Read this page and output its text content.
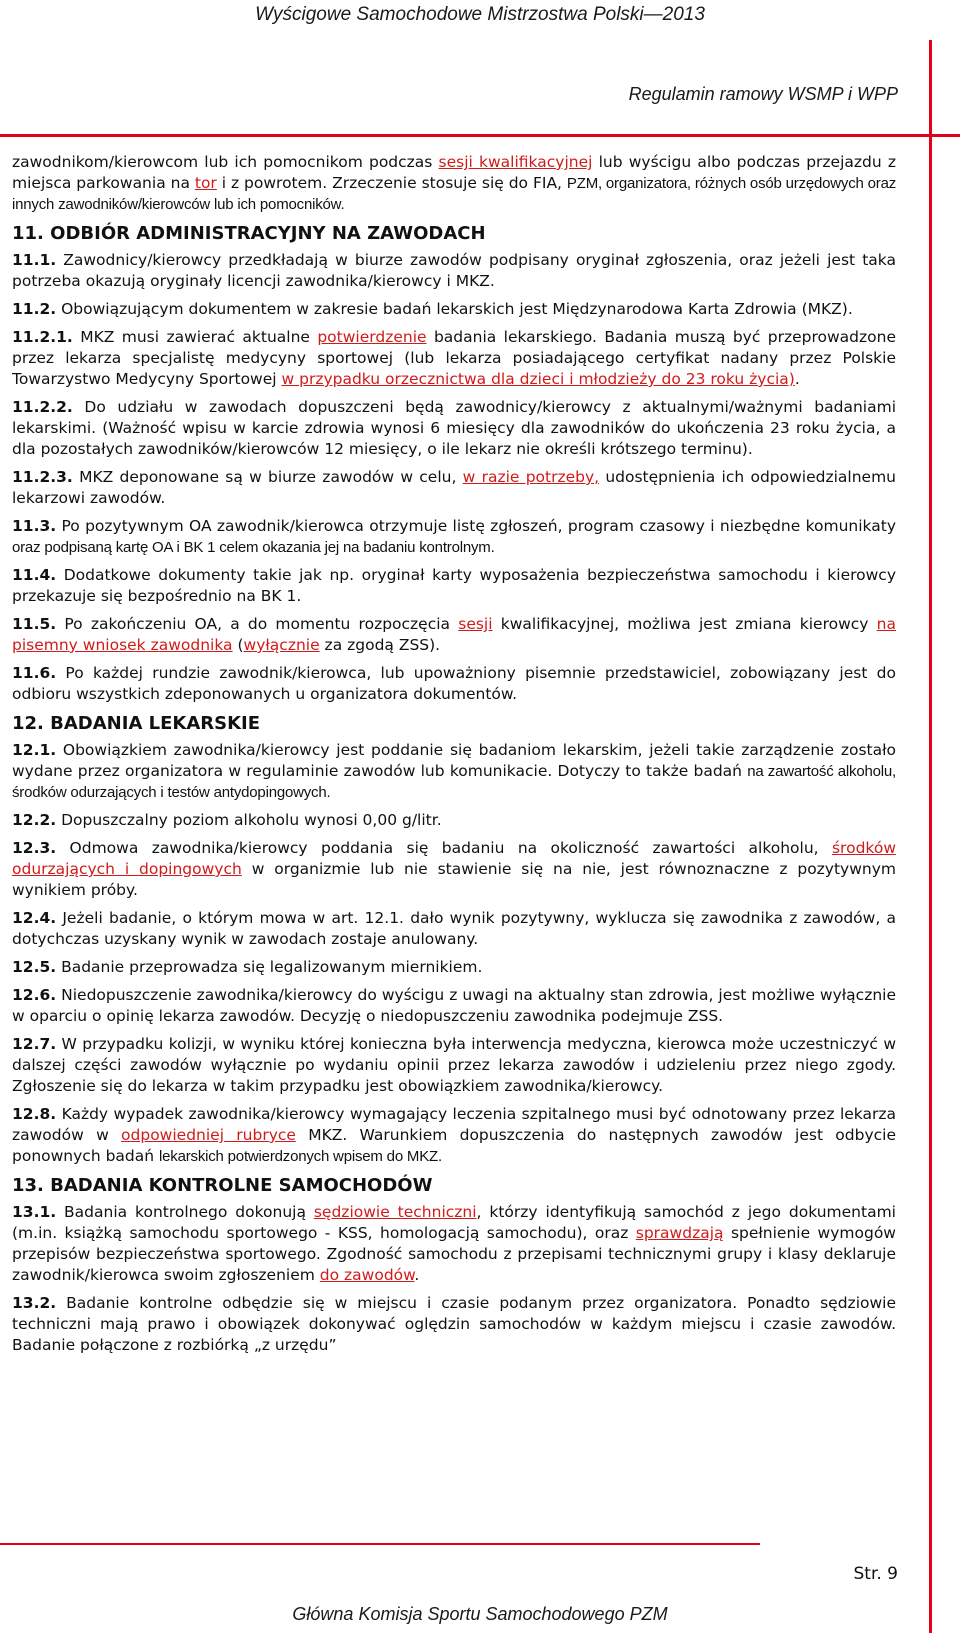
Wyścigowe Samochodowe Mistrzostwa Polski—2013
Regulamin ramowy WSMP i WPP

zawodnikom/kierowcom lub ich pomocnikom podczas sesji kwalifikacyjnej lub wyścigu albo podczas przejazdu z miejsca parkowania na tor i z powrotem. Zrzeczenie stosuje się do FIA, PZM, organizatora, różnych osób urzędowych oraz innych zawodników/kierowców lub ich pomocników.

11. ODBIÓR ADMINISTRACYJNY NA ZAWODACH

11.1. Zawodnicy/kierowcy przedkładają w biurze zawodów podpisany oryginał zgłoszenia, oraz jeżeli jest taka potrzeba okazują oryginały licencji zawodnika/kierowcy i MKZ.

11.2. Obowiązującym dokumentem w zakresie badań lekarskich jest Międzynarodowa Karta Zdrowia (MKZ).

11.2.1. MKZ musi zawierać aktualne potwierdzenie badania lekarskiego. Badania muszą być przeprowadzone przez lekarza specjalistę medycyny sportowej (lub lekarza posiadającego certyfikat nadany przez Polskie Towarzystwo Medycyny Sportowej w przypadku orzecznictwa dla dzieci i młodzieży do 23 roku życia).

11.2.2. Do udziału w zawodach dopuszczeni będą zawodnicy/kierowcy z aktualnymi/ważnymi badaniami lekarskimi. (Ważność wpisu w karcie zdrowia wynosi 6 miesięcy dla zawodników do ukończenia 23 roku życia, a dla pozostałych zawodników/kierowców 12 miesięcy, o ile lekarz nie określi krótszego terminu).

11.2.3. MKZ deponowane są w biurze zawodów w celu, w razie potrzeby, udostępnienia ich odpowiedzialnemu lekarzowi zawodów.

11.3. Po pozytywnym OA zawodnik/kierowca otrzymuje listę zgłoszeń, program czasowy i niezbędne komunikaty oraz podpisaną kartę OA i BK 1 celem okazania jej na badaniu kontrolnym.

11.4. Dodatkowe dokumenty takie jak np. oryginał karty wyposażenia bezpieczeństwa samochodu i kierowcy przekazuje się bezpośrednio na BK 1.

11.5. Po zakończeniu OA, a do momentu rozpoczęcia sesji kwalifikacyjnej, możliwa jest zmiana kierowcy na pisemny wniosek zawodnika (wyłącznie za zgodą ZSS).

11.6. Po każdej rundzie zawodnik/kierowca, lub upoważniony pisemnie przedstawiciel, zobowiązany jest do odbioru wszystkich zdeponowanych u organizatora dokumentów.

12. BADANIA LEKARSKIE

12.1. Obowiązkiem zawodnika/kierowcy jest poddanie się badaniom lekarskim, jeżeli takie zarządzenie zostało wydane przez organizatora w regulaminie zawodów lub komunikacie. Dotyczy to także badań na zawartość alkoholu, środków odurzających i testów antydopingowych.

12.2. Dopuszczalny poziom alkoholu wynosi 0,00 g/litr.

12.3. Odmowa zawodnika/kierowcy poddania się badaniu na okoliczność zawartości alkoholu, środków odurzających i dopingowych w organizmie lub nie stawienie się na nie, jest równoznaczne z pozytywnym wynikiem próby.

12.4. Jeżeli badanie, o którym mowa w art. 12.1. dało wynik pozytywny, wyklucza się zawodnika z zawodów, a dotychczas uzyskany wynik w zawodach zostaje anulowany.

12.5. Badanie przeprowadza się legalizowanym miernikiem.

12.6. Niedopuszczenie zawodnika/kierowcy do wyścigu z uwagi na aktualny stan zdrowia, jest możliwe wyłącznie w oparciu o opinię lekarza zawodów. Decyzję o niedopuszczeniu zawodnika podejmuje ZSS.

12.7. W przypadku kolizji, w wyniku której konieczna była interwencja medyczna, kierowca może uczestniczyć w dalszej części zawodów wyłącznie po wydaniu opinii przez lekarza zawodów i udzieleniu przez niego zgody. Zgłoszenie się do lekarza w takim przypadku jest obowiązkiem zawodnika/kierowcy.

12.8. Każdy wypadek zawodnika/kierowcy wymagający leczenia szpitalnego musi być odnotowany przez lekarza zawodów w odpowiedniej rubryce MKZ. Warunkiem dopuszczenia do następnych zawodów jest odbycie ponownych badań lekarskich potwierdzonych wpisem do MKZ.

13. BADANIA KONTROLNE SAMOCHODÓW

13.1. Badania kontrolnego dokonują sędziowie techniczni, którzy identyfikują samochód z jego dokumentami (m.in. książką samochodu sportowego - KSS, homologacją samochodu), oraz sprawdzają spełnienie wymogów przepisów bezpieczeństwa sportowego. Zgodność samochodu z przepisami technicznymi grupy i klasy deklaruje zawodnik/kierowca swoim zgłoszeniem do zawodów.

13.2. Badanie kontrolne odbędzie się w miejscu i czasie podanym przez organizatora. Ponadto sędziowie techniczni mają prawo i obowiązek dokonywać oględzin samochodów w każdym miejscu i czasie zawodów. Badanie połączone z rozbiórką „z urzędu”

Str. 9
Główna Komisja Sportu Samochodowego PZM
